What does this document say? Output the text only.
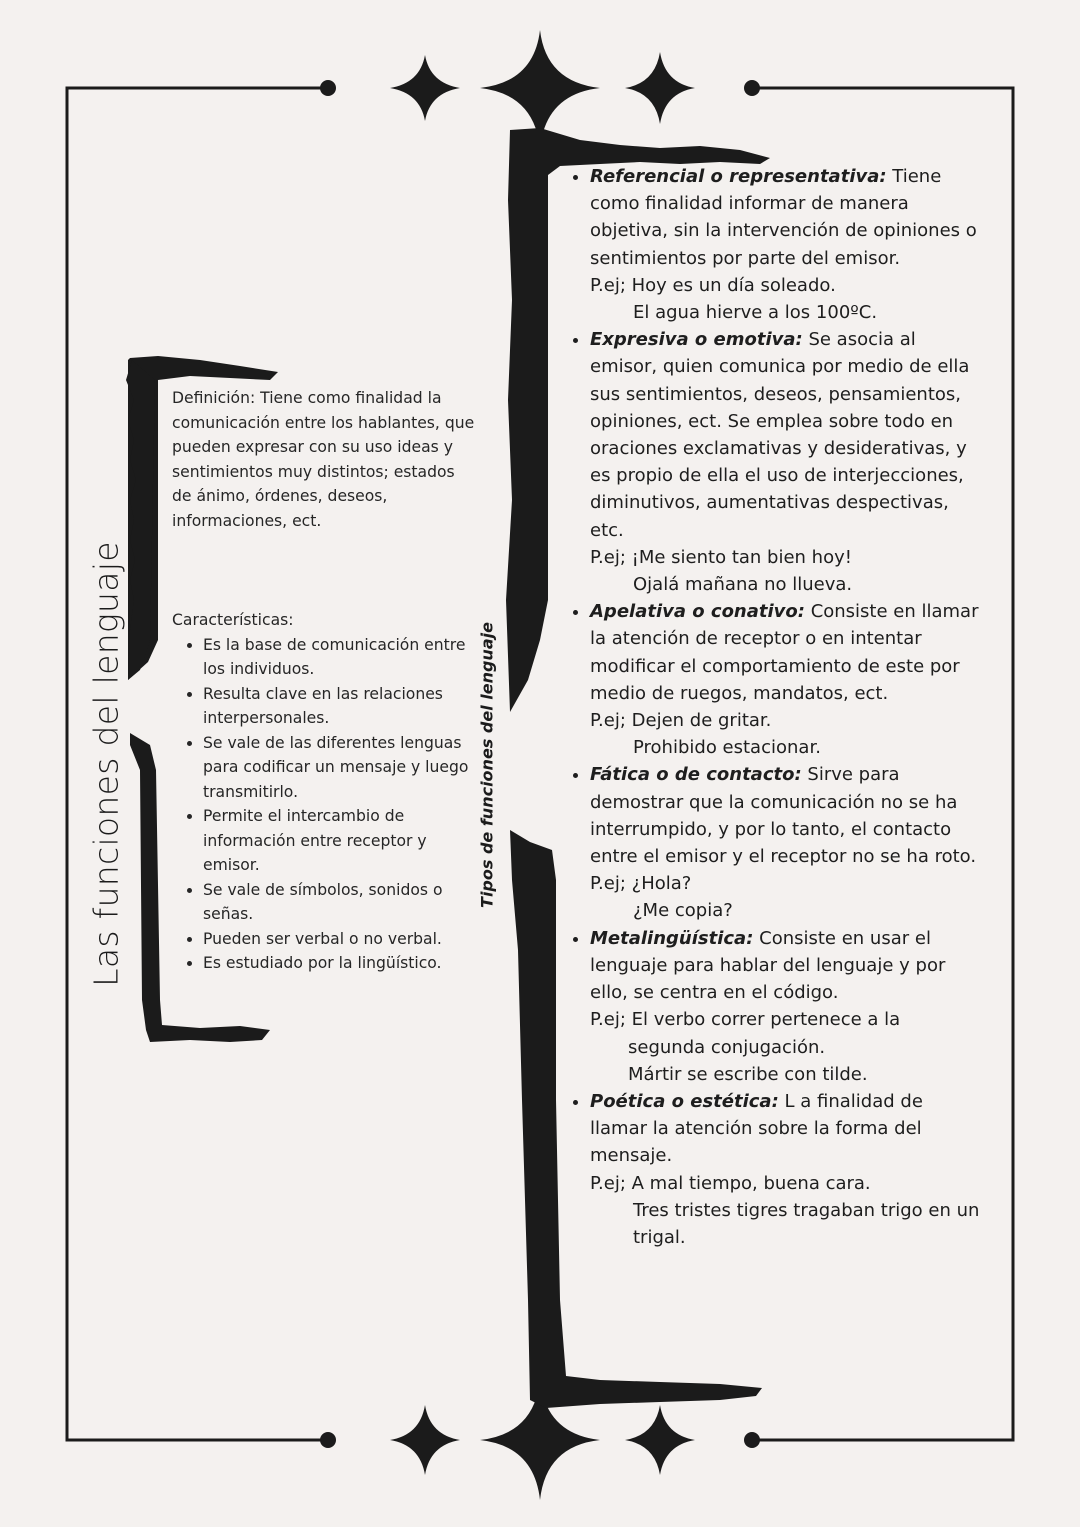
Las funciones del lenguaje	Tipos de funciones del lenguaje

Definición: Tiene como finalidad la comunicación entre los hablantes, que pueden expresar con su uso ideas y sentimientos muy distintos; estados de ánimo, órdenes, deseos, informaciones, ect.

Características:

• Es la base de comunicación entre los individuos.
• Resulta clave en las relaciones interpersonales.
• Se vale de las diferentes lenguas para codificar un mensaje y luego transmitirlo.
• Permite el intercambio de información entre receptor y emisor.
• Se vale de símbolos, sonidos o señas.
• Pueden ser verbal o no verbal.
• Es estudiado por la lingüístico.
• Referencial o representativa: Tiene como finalidad informar de manera objetiva, sin la intervención de opiniones o sentimientos por parte del emisor.
P.ej; Hoy es un día soleado.
El agua hierve a los 100ºC.
• Expresiva o emotiva: Se asocia al emisor, quien comunica por medio de ella sus sentimientos, deseos, pensamientos, opiniones, ect. Se emplea sobre todo en oraciones exclamativas y desiderativas, y es propio de ella el uso de interjecciones, diminutivos, aumentativas despectivas, etc.
P.ej; ¡Me siento tan bien hoy!
Ojalá mañana no llueva.
• Apelativa o conativo: Consiste en llamar la atención de receptor o en intentar modificar el comportamiento de este por medio de ruegos, mandatos, ect.
P.ej; Dejen de gritar.
Prohibido estacionar.
• Fática o de contacto: Sirve para demostrar que la comunicación no se ha interrumpido, y por lo tanto, el contacto entre el emisor y el receptor no se ha roto.
P.ej; ¿Hola?
¿Me copia?
• Metalingüística: Consiste en usar el lenguaje para hablar del lenguaje y por ello, se centra en el código.
P.ej; El verbo correr pertenece a la
segunda conjugación.
Mártir se escribe con tilde.
• Poética o estética: L a finalidad de llamar la atención sobre la forma del mensaje.
P.ej; A mal tiempo, buena cara.
Tres tristes tigres tragaban trigo en un trigal.
